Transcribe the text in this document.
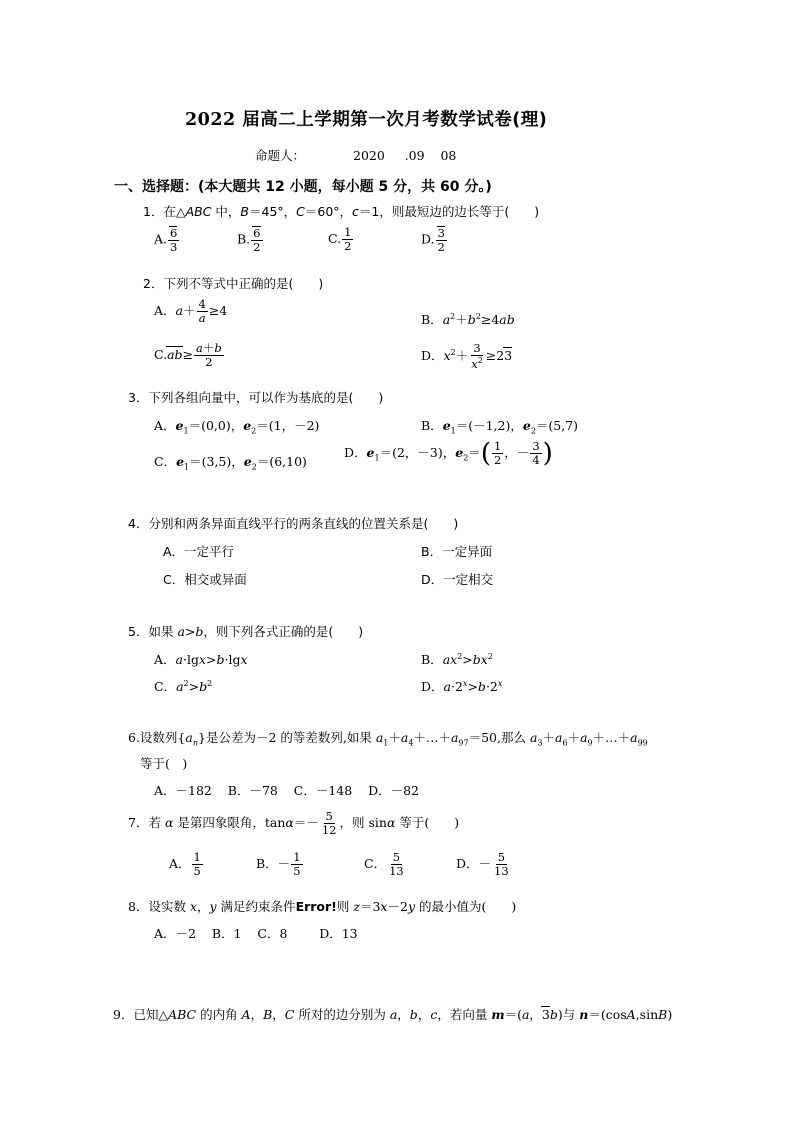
2022 届高二上学期第一次月考数学试卷(理)
命题人：	2020     .09    08
一、选择题：(本大题共 12 小题，每小题 5 分，共 60 分。)
1．在△ABC 中，B＝45°，C＝60°，c＝1，则最短边的边长等于(　　)
A. $\frac{6}{3}$	B. $\frac{6}{2}$	C. $\frac{1}{2}$	D. $\frac{3}{2}$
2．下列不等式中正确的是(　　)
A．$a+ \frac{4}{a} \ge 4$
B．$a^2+b^2\ge 4ab$
$C.ab\ge \frac{a+b}{2}$	D．$x^2+ \frac{3}{x^2} \ge 23$
3．下列各组向量中，可以作为基底的是(　　)
A．$e_1=(0,0)$，$e_2=(1$，－2)	B．$e_1=(-1,2)$，$e_2=(5,7)$
C．$e_1=(3,5)$，$e_2=(6,10)$
D．$e_1=(2$，－3)，$e_2=( \frac{1}{2}$ ，－ $\frac{3}{4}$ )
4．分别和两条异面直线平行的两条直线的位置关系是(　　)
A．一定平行	B．一定异面
C．相交或异面	D．一定相交
5．如果 a>b，则下列各式正确的是(　　)
A．a·lgx>b·lgx	B．$ax^2>bx^2$
C．$a^2>b^2$	D．$a\cdot 2^x>b\cdot 2^x$
6.设数列$\{a_n\}$是公差为－2 的等差数列,如果 $a_1+a_4+\dots+a_{97}=50$,那么 $a_3+a_6+a_9+\dots+a_{99}$
等于(　)
A．－182    B．－78    C．－148    D．－82
7．若 α 是第四象限角，$\tan\alpha=- \frac{5}{12}$ ，则 sinα 等于(　　)
A． $\frac{1}{5}$	B．－ $\frac{1}{5}$	C． $\frac{5}{13}$	D．－ $\frac{5}{13}$
8．设实数 x，y 满足约束条件Error!则 z＝3x－2y 的最小值为(　　)
A．－2    B．1    C．8        D．13
9．已知△ABC 的内角 A，B，C 所对的边分别为 a，b，c，若向量 m＝(a，3b)与 n＝(cosA,sinB)
